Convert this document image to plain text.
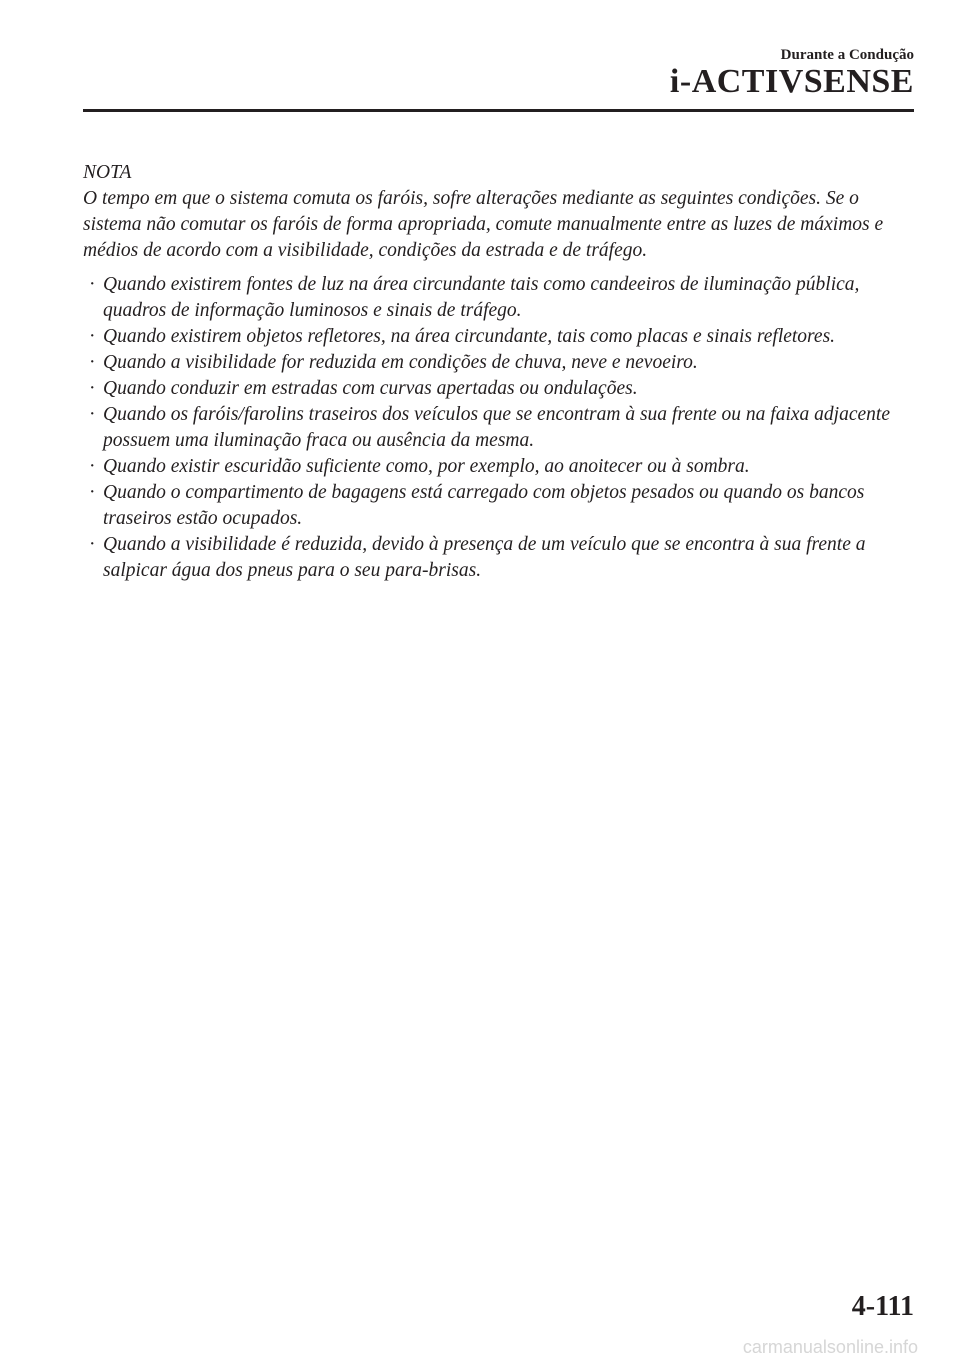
Durante a Condução
i-ACTIVSENSE

NOTA

O tempo em que o sistema comuta os faróis, sofre alterações mediante as seguintes condições. Se o sistema não comutar os faróis de forma apropriada, comute manualmente entre as luzes de máximos e médios de acordo com a visibilidade, condições da estrada e de tráfego.

· Quando existirem fontes de luz na área circundante tais como candeeiros de iluminação pública, quadros de informação luminosos e sinais de tráfego.
· Quando existirem objetos refletores, na área circundante, tais como placas e sinais refletores.
· Quando a visibilidade for reduzida em condições de chuva, neve e nevoeiro.
· Quando conduzir em estradas com curvas apertadas ou ondulações.
· Quando os faróis/farolins traseiros dos veículos que se encontram à sua frente ou na faixa adjacente possuem uma iluminação fraca ou ausência da mesma.
· Quando existir escuridão suficiente como, por exemplo, ao anoitecer ou à sombra.
· Quando o compartimento de bagagens está carregado com objetos pesados ou quando os bancos traseiros estão ocupados.
· Quando a visibilidade é reduzida, devido à presença de um veículo que se encontra à sua frente a salpicar água dos pneus para o seu para-brisas.
4-111
carmanualsonline.info
